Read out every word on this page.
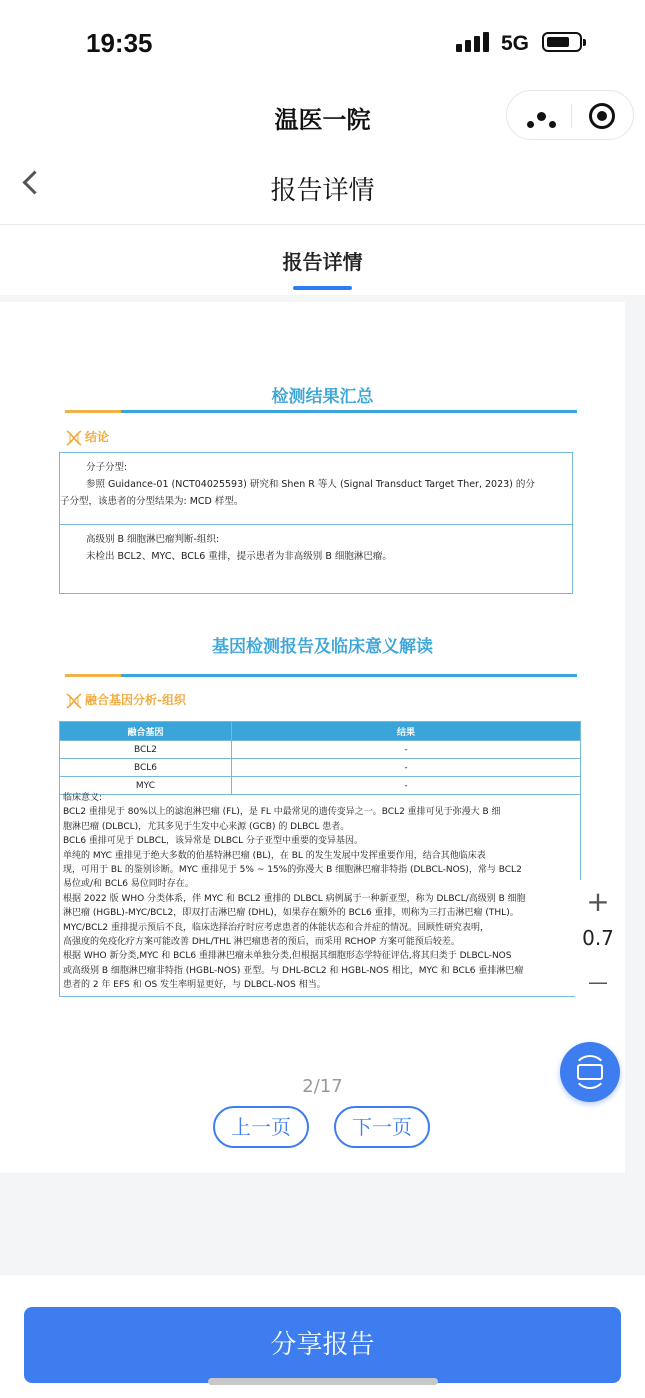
19:35	5G
温医一院
报告详情
报告详情
检测结果汇总
结论
分子分型:
参照 Guidance-01 (NCT04025593) 研究和 Shen R 等人 (Signal Transduct Target Ther, 2023) 的分
子分型，该患者的分型结果为: MCD 样型。
高级别 B 细胞淋巴瘤判断-组织:
未检出 BCL2、MYC、BCL6 重排，提示患者为非高级别 B 细胞淋巴瘤。
基因检测报告及临床意义解读
融合基因分析-组织
融合基因	结果
BCL2	-
BCL6	-
MYC	-
临床意义:
BCL2 重排见于 80%以上的滤泡淋巴瘤 (FL)，是 FL 中最常见的遗传变异之一。BCL2 重排可见于弥漫大 B 细
胞淋巴瘤 (DLBCL)，尤其多见于生发中心来源 (GCB) 的 DLBCL 患者。
BCL6 重排可见于 DLBCL，该异常是 DLBCL 分子亚型中重要的变异基因。
单纯的 MYC 重排见于绝大多数的伯基特淋巴瘤 (BL)，在 BL 的发生发展中发挥重要作用，结合其他临床表
现，可用于 BL 的鉴别诊断。MYC 重排见于 5% ~ 15%的弥漫大 B 细胞淋巴瘤非特指 (DLBCL-NOS)，常与 BCL2
易位或/和 BCL6 易位同时存在。
根据 2022 版 WHO 分类体系，伴 MYC 和 BCL2 重排的 DLBCL 病例属于一种新亚型，称为 DLBCL/高级别 B 细胞
淋巴瘤 (HGBL)-MYC/BCL2，即双打击淋巴瘤 (DHL)，如果存在额外的 BCL6 重排，则称为三打击淋巴瘤 (THL)。
MYC/BCL2 重排提示预后不良，临床选择治疗时应考虑患者的体能状态和合并症的情况。回顾性研究表明，
高强度的免疫化疗方案可能改善 DHL/THL 淋巴瘤患者的预后，而采用 RCHOP 方案可能预后较差。
根据 WHO 新分类,MYC 和 BCL6 重排淋巴瘤未单独分类,但根据其细胞形态学特征评估,将其归类于 DLBCL-NOS
或高级别 B 细胞淋巴瘤非特指 (HGBL-NOS) 亚型。与 DHL-BCL2 和 HGBL-NOS 相比，MYC 和 BCL6 重排淋巴瘤
患者的 2 年 EFS 和 OS 发生率明显更好，与 DLBCL-NOS 相当。
+
0.7
—
2/17
上一页	下一页
分享报告
